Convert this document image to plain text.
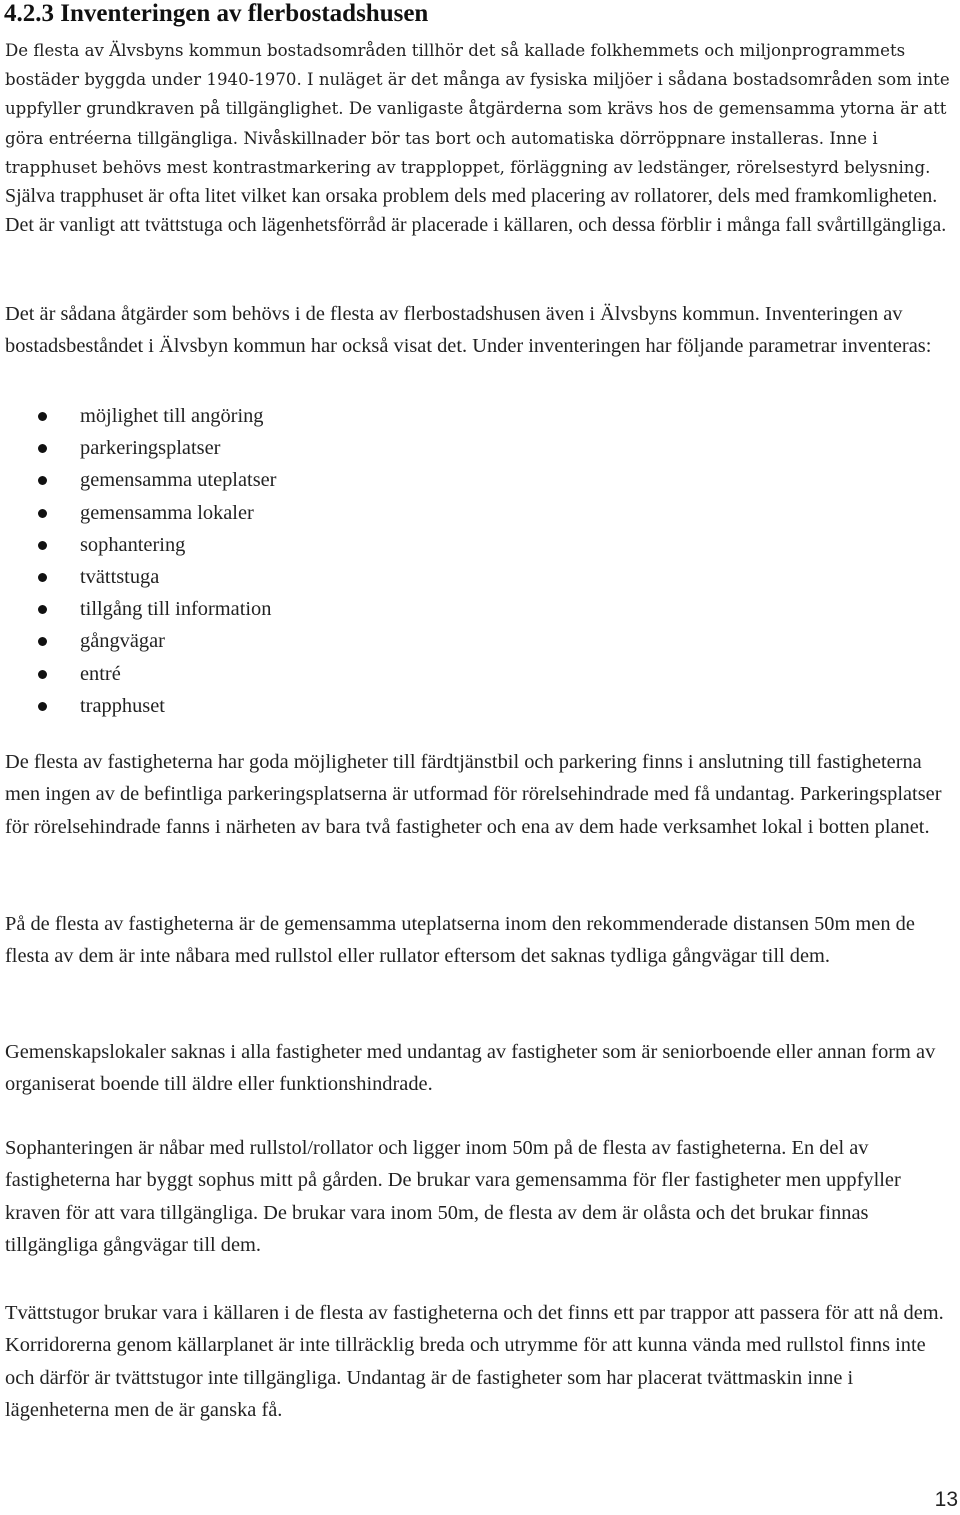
4.2.3 Inventeringen av flerbostadshusen

De flesta av Älvsbyns kommun bostadsområden tillhör det så kallade folkhemmets och miljonprogrammets bostäder byggda under 1940-1970. I nuläget är det många av fysiska miljöer i sådana bostadsområden som inte uppfyller grundkraven på tillgänglighet. De vanligaste åtgärderna som krävs hos de gemensamma ytorna är att göra entréerna tillgängliga. Nivåskillnader bör tas bort och automatiska dörröppnare installeras. Inne i trapphuset behövs mest kontrastmarkering av trapploppet, förläggning av ledstänger, rörelsestyrd belysning. Själva trapphuset är ofta litet vilket kan orsaka problem dels med placering av rollatorer, dels med framkomligheten. Det är vanligt att tvättstuga och lägenhetsförråd är placerade i källaren, och dessa förblir i många fall svårtillgängliga.

Det är sådana åtgärder som behövs i de flesta av flerbostadshusen även i Älvsbyns kommun. Inventeringen av bostadsbeståndet i Älvsbyn kommun har också visat det. Under inventeringen har följande parametrar inventeras:

möjlighet till angöring
parkeringsplatser
gemensamma uteplatser
gemensamma lokaler
sophantering
tvättstuga
tillgång till information
gångvägar
entré
trapphuset

De flesta av fastigheterna har goda möjligheter till färdtjänstbil och parkering finns i anslutning till fastigheterna men ingen av de befintliga parkeringsplatserna är utformad för rörelsehindrade med få undantag. Parkeringsplatser för rörelsehindrade fanns i närheten av bara två fastigheter och ena av dem hade verksamhet lokal i botten planet.

På de flesta av fastigheterna är de gemensamma uteplatserna inom den rekommenderade distansen 50m men de flesta av dem är inte nåbara med rullstol eller rullator eftersom det saknas tydliga gångvägar till dem.

Gemenskapslokaler saknas i alla fastigheter med undantag av fastigheter som är seniorboende eller annan form av organiserat boende till äldre eller funktionshindrade.

Sophanteringen är nåbar med rullstol/rollator och ligger inom 50m på de flesta av fastigheterna. En del av fastigheterna har byggt sophus mitt på gården. De brukar vara gemensamma för fler fastigheter men uppfyller kraven för att vara tillgängliga. De brukar vara inom 50m, de flesta av dem är olåsta och det brukar finnas tillgängliga gångvägar till dem.

Tvättstugor brukar vara i källaren i de flesta av fastigheterna och det finns ett par trappor att passera för att nå dem. Korridorerna genom källarplanet är inte tillräcklig breda och utrymme för att kunna vända med rullstol finns inte och därför är tvättstugor inte tillgängliga. Undantag är de fastigheter som har placerat tvättmaskin inne i lägenheterna men de är ganska få.

13
